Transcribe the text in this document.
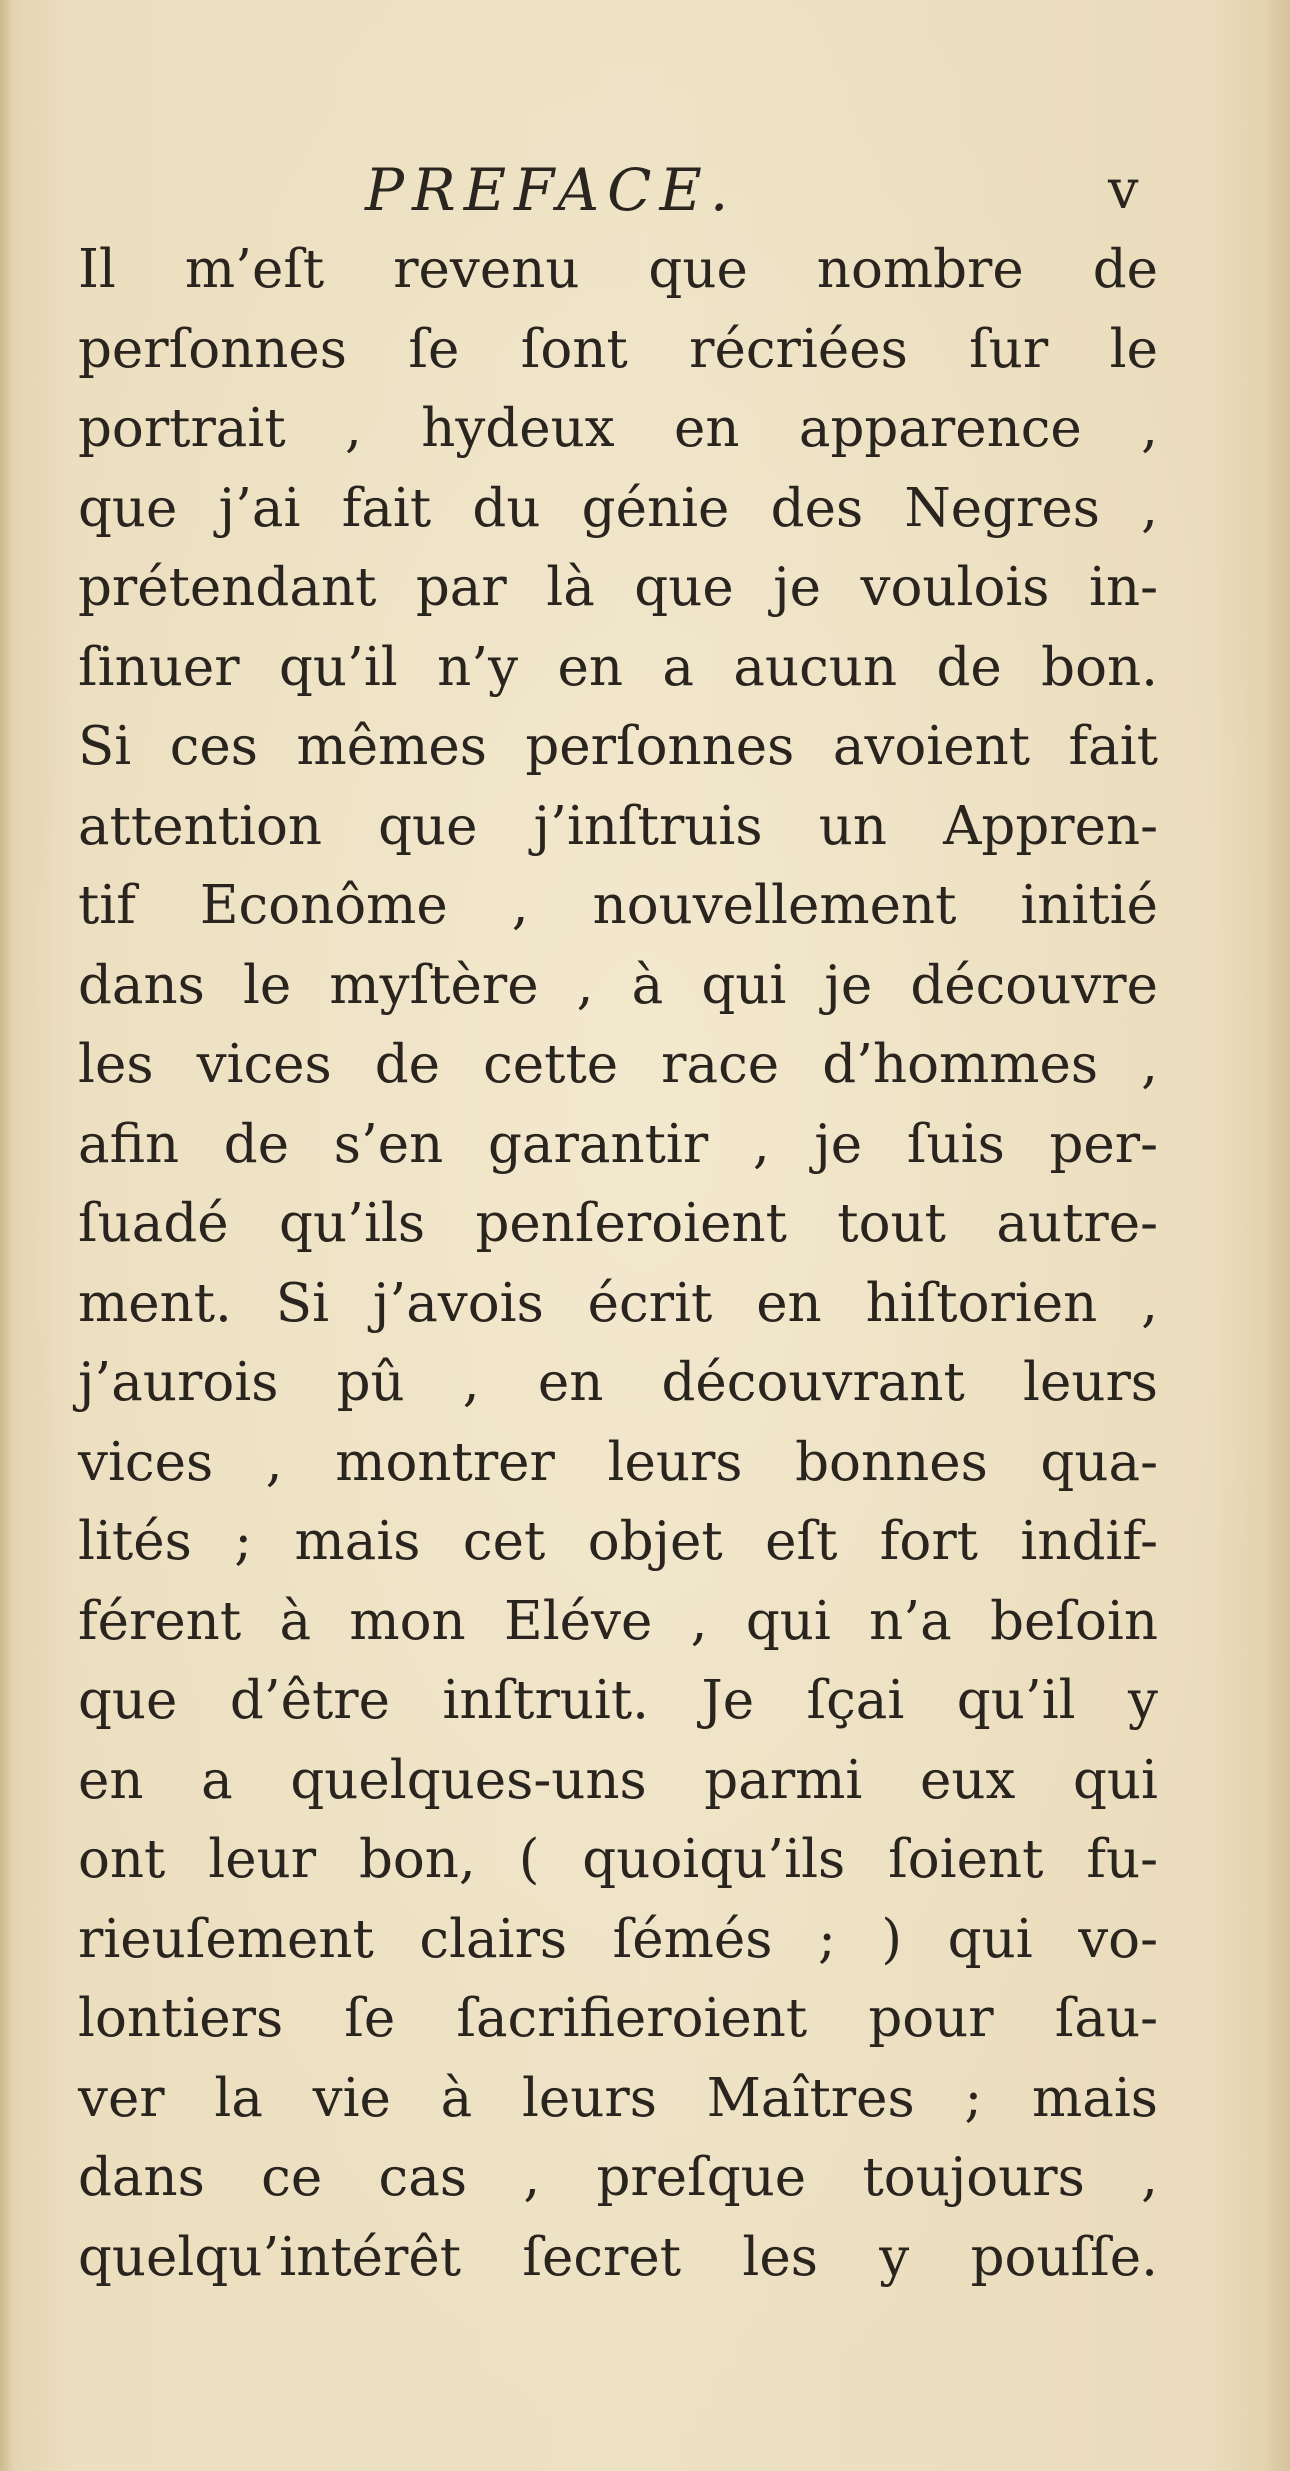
PREFACE.	v
Il m’eſt revenu que nombre de
perſonnes ſe ſont récriées ſur le
portrait , hydeux en apparence ,
que j’ai fait du génie des Negres ,
prétendant par là que je voulois in-
ſinuer qu’il n’y en a aucun de bon.
Si ces mêmes perſonnes avoient fait
attention que j’inſtruis un Appren-
tif Econôme , nouvellement initié
dans le myſtère , à qui je découvre
les vices de cette race d’hommes ,
afin de s’en garantir , je ſuis per-
ſuadé qu’ils penſeroient tout autre-
ment. Si j’avois écrit en hiſtorien ,
j’aurois pû , en découvrant leurs
vices , montrer leurs bonnes qua-
lités ; mais cet objet eſt fort indif-
férent à mon Eléve , qui n’a beſoin
que d’être inſtruit. Je ſçai qu’il y
en a quelques-uns parmi eux qui
ont leur bon, ( quoiqu’ils ſoient fu-
rieuſement clairs ſémés ; ) qui vo-
lontiers ſe ſacrifieroient pour ſau-
ver la vie à leurs Maîtres ; mais
dans ce cas , preſque toujours ,
quelqu’intérêt ſecret les y pouſſe.
